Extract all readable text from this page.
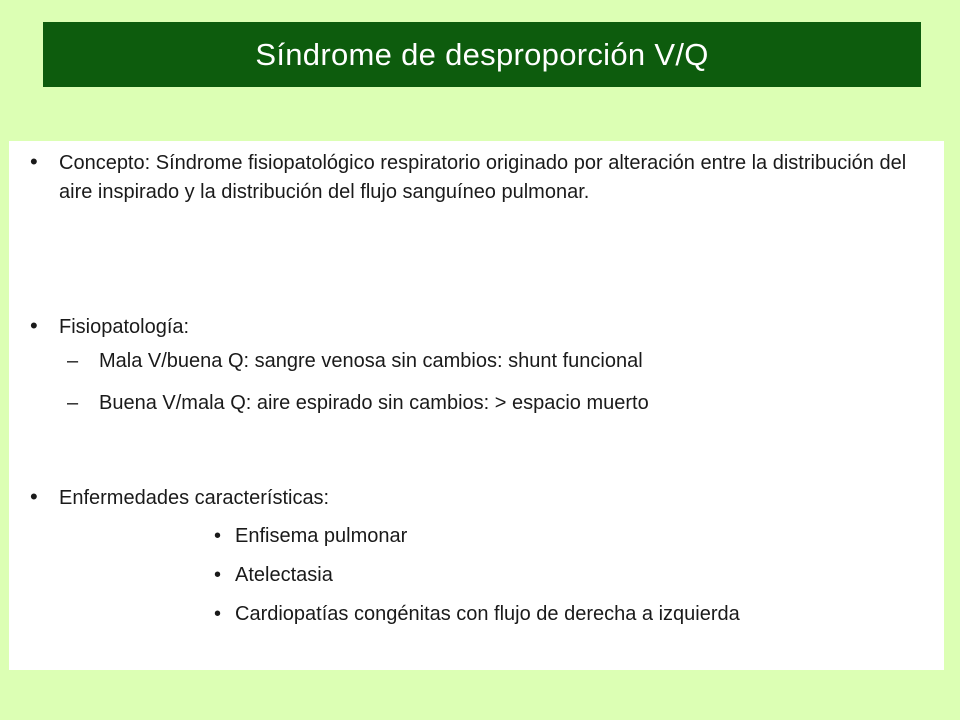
Síndrome de desproporción V/Q
• Concepto: Síndrome fisiopatológico respiratorio originado por alteración entre la distribución del aire inspirado y la distribución del flujo sanguíneo pulmonar.
• Fisiopatología:
– Mala V/buena Q: sangre venosa sin cambios: shunt funcional
– Buena V/mala Q: aire espirado sin cambios: > espacio muerto
• Enfermedades características:
• Enfisema pulmonar
• Atelectasia
• Cardiopatías congénitas con flujo de derecha a izquierda
